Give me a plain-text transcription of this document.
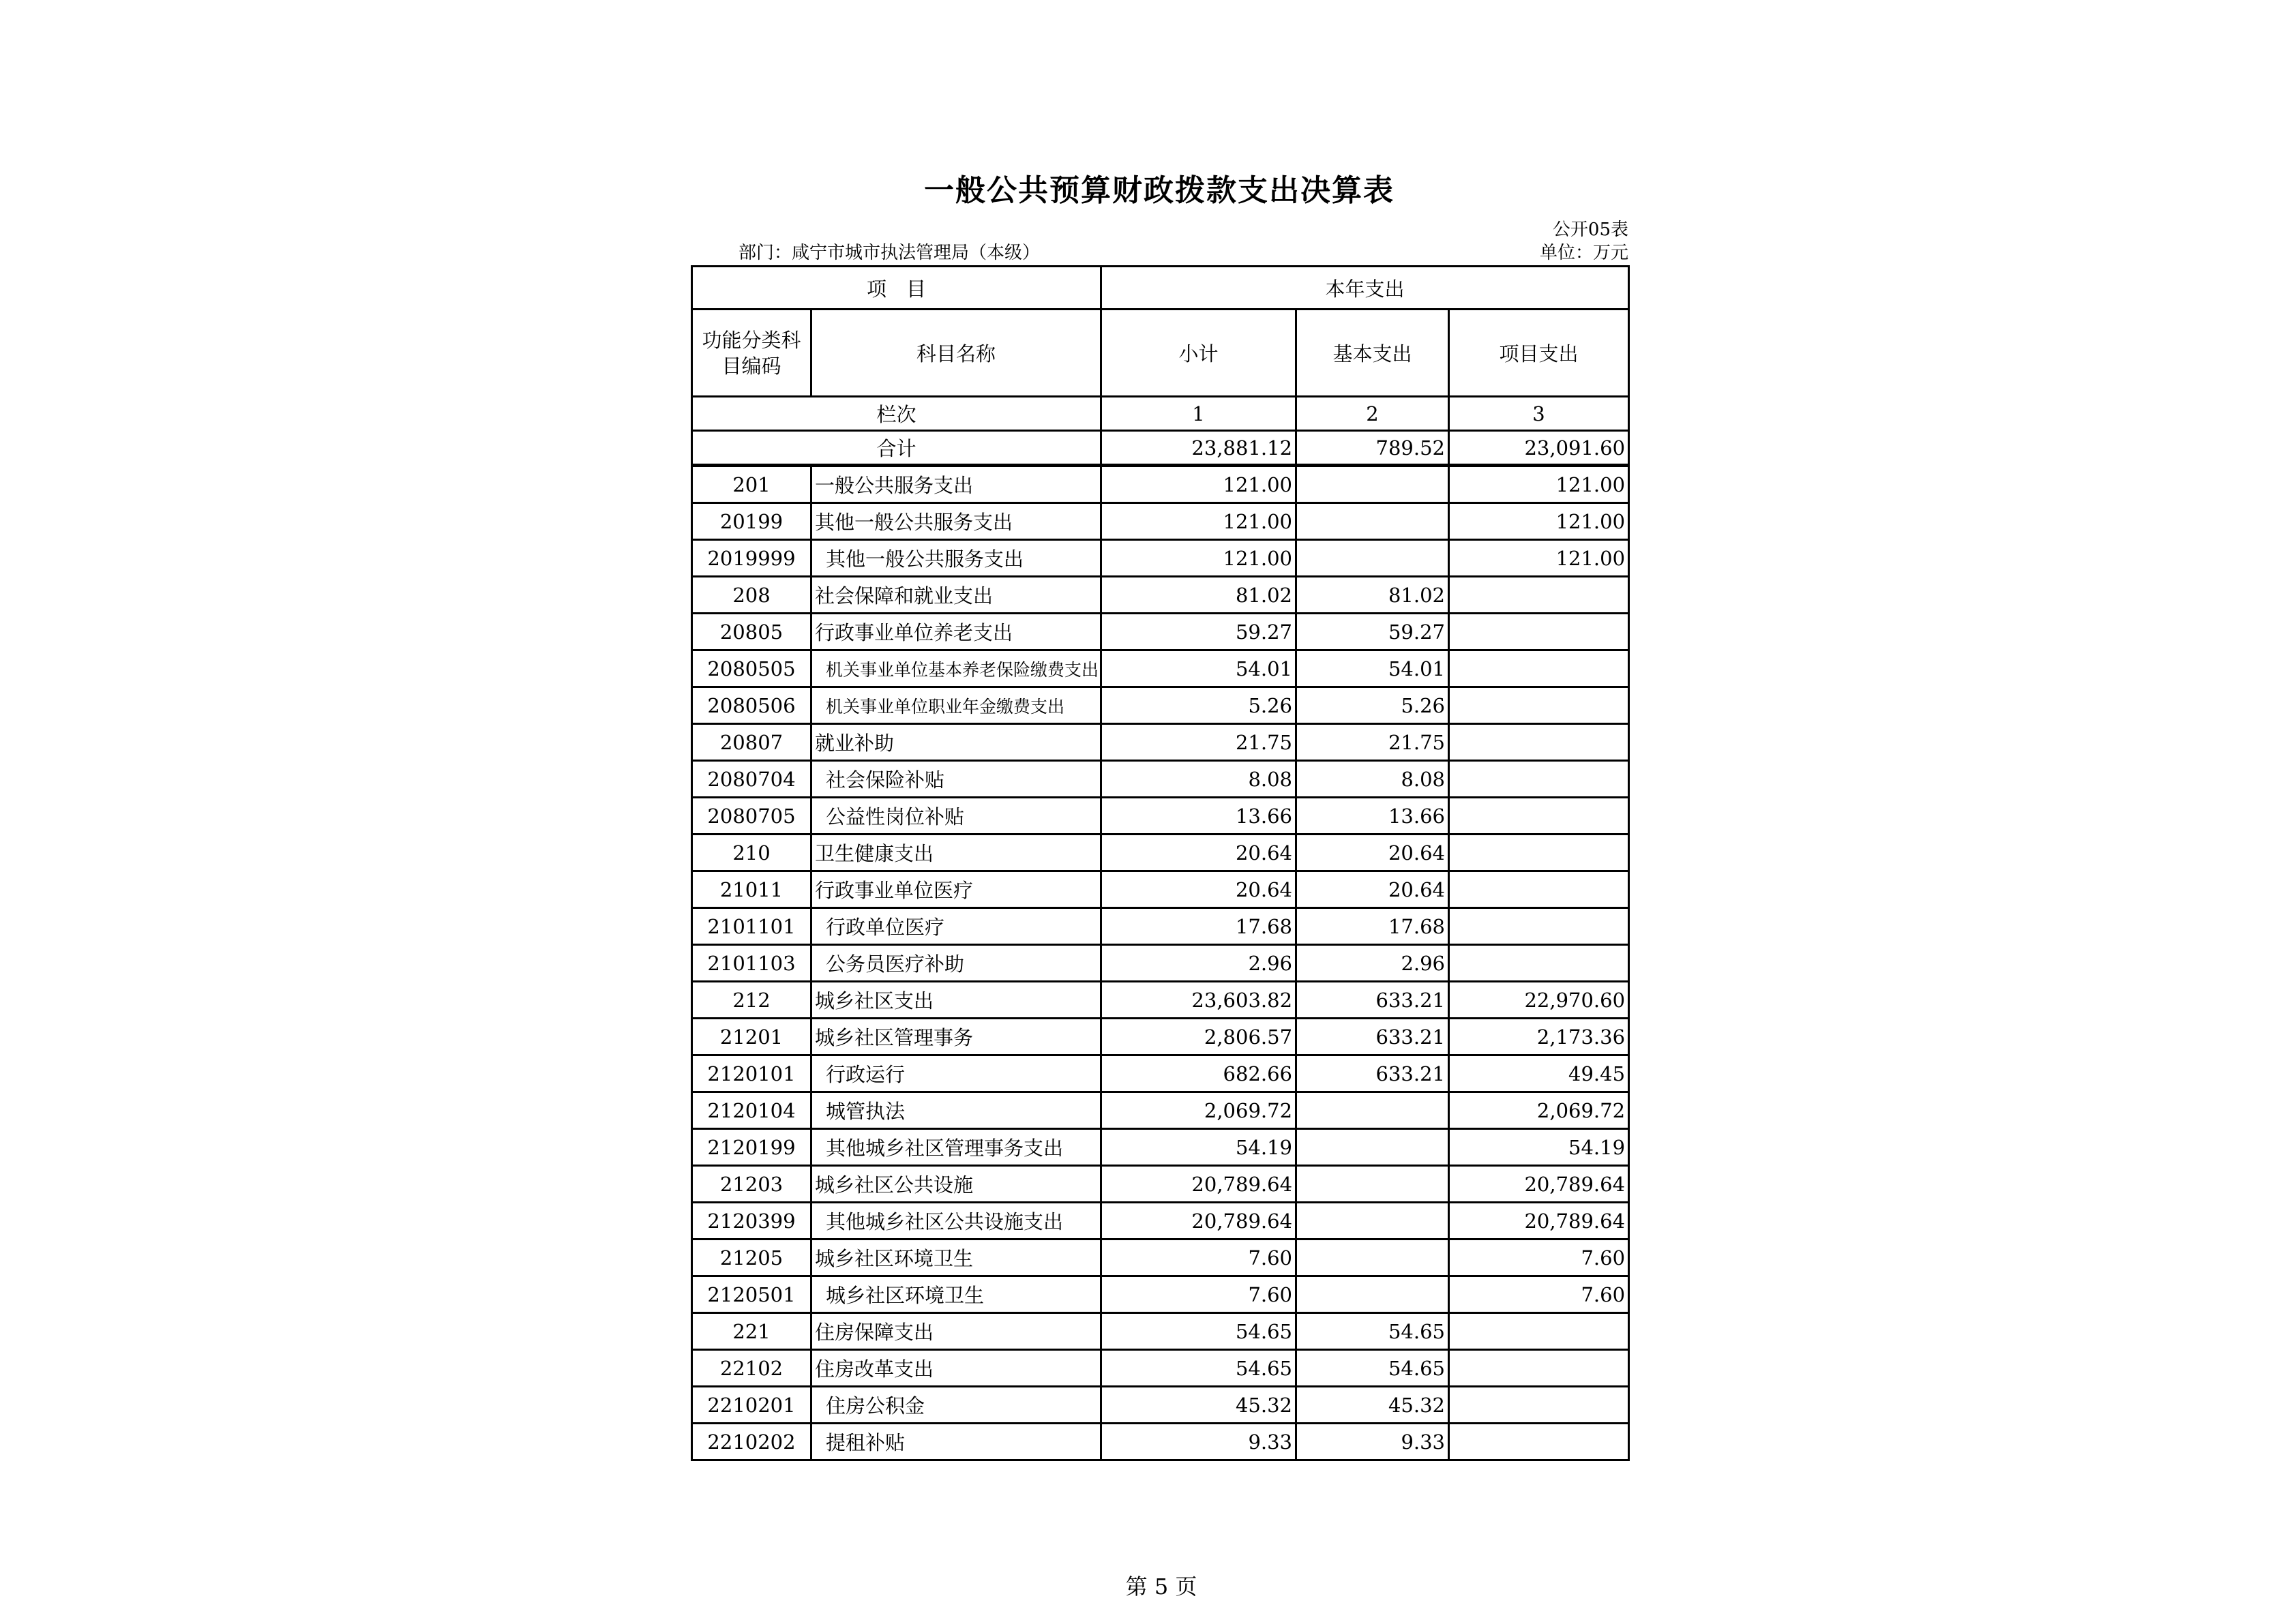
一般公共预算财政拨款支出决算表
公开05表
部门：咸宁市城市执法管理局（本级）	单位：万元
项　目		本年支出		
功能分类科目编码	科目名称	小计	基本支出	项目支出
栏次		1	2	3
合计		23,881.12	789.52	23,091.60
201	一般公共服务支出	121.00		121.00
20199	其他一般公共服务支出	121.00		121.00
2019999	其他一般公共服务支出	121.00		121.00
208	社会保障和就业支出	81.02	81.02	
20805	行政事业单位养老支出	59.27	59.27	
2080505	机关事业单位基本养老保险缴费支出	54.01	54.01	
2080506	机关事业单位职业年金缴费支出	5.26	5.26	
20807	就业补助	21.75	21.75	
2080704	社会保险补贴	8.08	8.08	
2080705	公益性岗位补贴	13.66	13.66	
210	卫生健康支出	20.64	20.64	
21011	行政事业单位医疗	20.64	20.64	
2101101	行政单位医疗	17.68	17.68	
2101103	公务员医疗补助	2.96	2.96	
212	城乡社区支出	23,603.82	633.21	22,970.60
21201	城乡社区管理事务	2,806.57	633.21	2,173.36
2120101	行政运行	682.66	633.21	49.45
2120104	城管执法	2,069.72		2,069.72
2120199	其他城乡社区管理事务支出	54.19		54.19
21203	城乡社区公共设施	20,789.64		20,789.64
2120399	其他城乡社区公共设施支出	20,789.64		20,789.64
21205	城乡社区环境卫生	7.60		7.60
2120501	城乡社区环境卫生	7.60		7.60
221	住房保障支出	54.65	54.65	
22102	住房改革支出	54.65	54.65	
2210201	住房公积金	45.32	45.32	
2210202	提租补贴	9.33	9.33	
第 5 页
